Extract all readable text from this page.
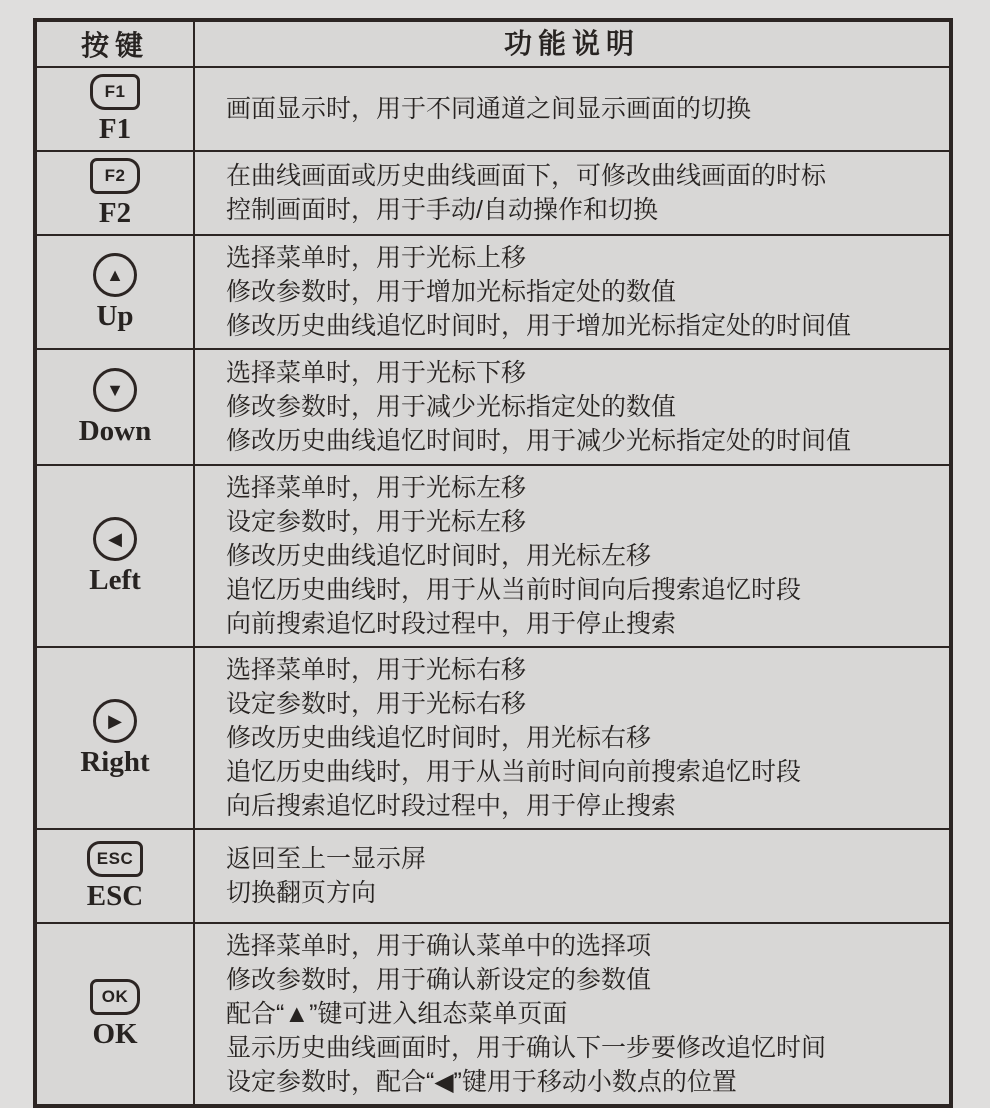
按键	功能说明
F1
F1
画面显示时，用于不同通道之间显示画面的切换
F2
F2
在曲线画面或历史曲线画面下，可修改曲线画面的时标
控制画面时，用于手动/自动操作和切换
▲
Up
选择菜单时，用于光标上移
修改参数时，用于增加光标指定处的数值
修改历史曲线追忆时间时，用于增加光标指定处的时间值
▼
Down
选择菜单时，用于光标下移
修改参数时，用于减少光标指定处的数值
修改历史曲线追忆时间时，用于减少光标指定处的时间值
◀
Left
选择菜单时，用于光标左移
设定参数时，用于光标左移
修改历史曲线追忆时间时，用光标左移
追忆历史曲线时，用于从当前时间向后搜索追忆时段
向前搜索追忆时段过程中，用于停止搜索
▶
Right
选择菜单时，用于光标右移
设定参数时，用于光标右移
修改历史曲线追忆时间时，用光标右移
追忆历史曲线时，用于从当前时间向前搜索追忆时段
向后搜索追忆时段过程中，用于停止搜索
ESC
ESC
返回至上一显示屏
切换翻页方向
OK
OK
选择菜单时，用于确认菜单中的选择项
修改参数时，用于确认新设定的参数值
配合“▲”键可进入组态菜单页面
显示历史曲线画面时，用于确认下一步要修改追忆时间
设定参数时，配合“◀”键用于移动小数点的位置
